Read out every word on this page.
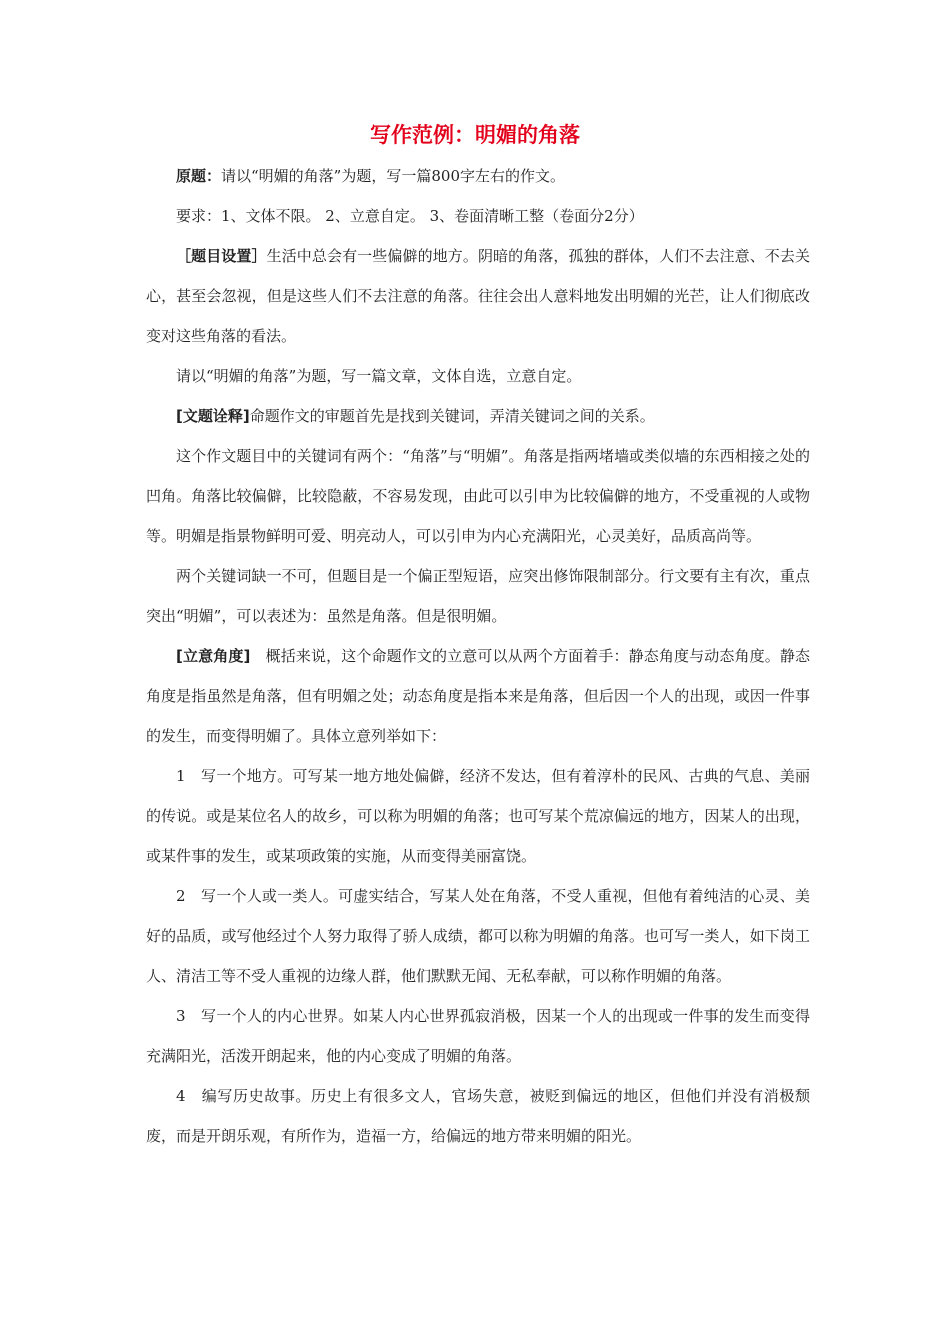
写作范例：明媚的角落

原题：请以“明媚的角落”为题，写一篇800字左右的作文。

要求：1、文体不限。 2、立意自定。 3、卷面清晰工整（卷面分2分）

［题目设置］生活中总会有一些偏僻的地方。阴暗的角落，孤独的群体，人们不去注意、不去关心，甚至会忽视，但是这些人们不去注意的角落。往往会出人意料地发出明媚的光芒，让人们彻底改变对这些角落的看法。

请以“明媚的角落”为题，写一篇文章，文体自选，立意自定。

[文题诠释]命题作文的审题首先是找到关键词，弄清关键词之间的关系。

这个作文题目中的关键词有两个：“角落”与“明媚”。角落是指两堵墙或类似墙的东西相接之处的凹角。角落比较偏僻，比较隐蔽，不容易发现，由此可以引申为比较偏僻的地方，不受重视的人或物等。明媚是指景物鲜明可爱、明亮动人，可以引申为内心充满阳光，心灵美好，品质高尚等。

两个关键词缺一不可，但题目是一个偏正型短语，应突出修饰限制部分。行文要有主有次，重点突出“明媚”，可以表述为：虽然是角落。但是很明媚。

[立意角度]　概括来说，这个命题作文的立意可以从两个方面着手：静态角度与动态角度。静态角度是指虽然是角落，但有明媚之处；动态角度是指本来是角落，但后因一个人的出现，或因一件事的发生，而变得明媚了。具体立意列举如下：

1　写一个地方。可写某一地方地处偏僻，经济不发达，但有着淳朴的民风、古典的气息、美丽的传说。或是某位名人的故乡，可以称为明媚的角落；也可写某个荒凉偏远的地方，因某人的出现，或某件事的发生，或某项政策的实施，从而变得美丽富饶。

2　写一个人或一类人。可虚实结合，写某人处在角落，不受人重视，但他有着纯洁的心灵、美好的品质，或写他经过个人努力取得了骄人成绩，都可以称为明媚的角落。也可写一类人，如下岗工人、清洁工等不受人重视的边缘人群，他们默默无闻、无私奉献，可以称作明媚的角落。

3　写一个人的内心世界。如某人内心世界孤寂消极，因某一个人的出现或一件事的发生而变得充满阳光，活泼开朗起来，他的内心变成了明媚的角落。

4　编写历史故事。历史上有很多文人，官场失意，被贬到偏远的地区，但他们并没有消极颓废，而是开朗乐观，有所作为，造福一方，给偏远的地方带来明媚的阳光。
